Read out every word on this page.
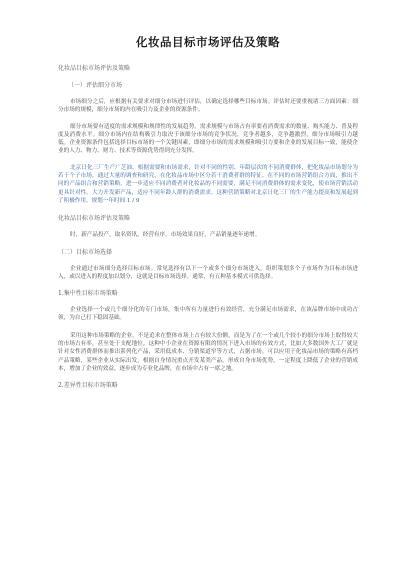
化妆品目标市场评估及策略

化妆品目标市场评估及策略

（一）评估细分市场

市场细分之后，应根据有关要求对细分市场进行评估，以确定选择哪些目标市场。评估时还要重视诸三方面因素：细分市场的规模，细分市场的内在吸引力及企业的资源条件。

细分市场要有适度的需求规模和规律性的发展趋势。需求规模与市场占有率要看消费需求的数量、购买能力、普及程度及消费水平。细分市场内在结构吸引力取决于该细分市场的竞争状况，竞争者越多，竞争越激烈，细分市场吸引力越低。企业资源条件包括选择目标市场的一个关键因素，即细分市场的需求规模和吸引力要和企业的发展目标一致，能使企业的人力、物力、财力、技术等资源优势得到充分发挥。

北京日化三厂生产广芝油，根据需要和市场需求，针对不同的性别、年龄层次的不同消费群体，把化妆品市场划分为若干个子市场，通过大量的调查和研究，在化妆品市场中区分若干消费者群的特征。在不同的市场营销组合方面，推出不同的产品组合和营销策略，进一步适应不同消费者对化妆品的不同需要，满足不同消费群体的需求变化，使市场营销活动更具针对性。大力开发新产品，适应不同年龄人群的消费需求。这种营销策略对北京日化三厂的生产能力提高和发展起到了积极作用。规划一年时间 1 / 9

化妆品目标市场评估及策略

时，新产品投产，取名资讯，经营有序，市场效果良好，产品销量逐年递增。

（二）目标市场选择

企业通过市场细分选择目标市场。常见选择有以下一个或多个细分市场进入，组织策划多个子市场作为目标市场进入，或以进入的程度加以划分，这就是目标市场选择。通常，有五种基本模式可供选择。

1.集中性目标市场策略

企业选择一个或几个细分化的专门市场，集中所有力量进行有效经营，充分满足市场需求，在该品牌市场中成功占领，为自己打下稳固基础。

采用这种市场策略的企业，不是追求在整体市场上占有较大份额，而是为了在一个或几个较小的细分市场上取得较大的市场占有率，甚至处于支配地位。这种中小企业在资源有限的情况下进入市场的有效方式，比如大多数国外大工厂就是针对女性消费群体而推出系列化产品，采用低成本、分销渠道窄等方式，占据市场。可以应用于化妆品市场的策略有高档产品策略，某些企业从实际出发，根据自身情况重点开发某类产品，形成自身市场优势，一定程度上降低了企业的营销成本，增加了企业的效益，逐步成为专业化品牌，在市场中占有一席之地。

2.差异性目标市场策略
